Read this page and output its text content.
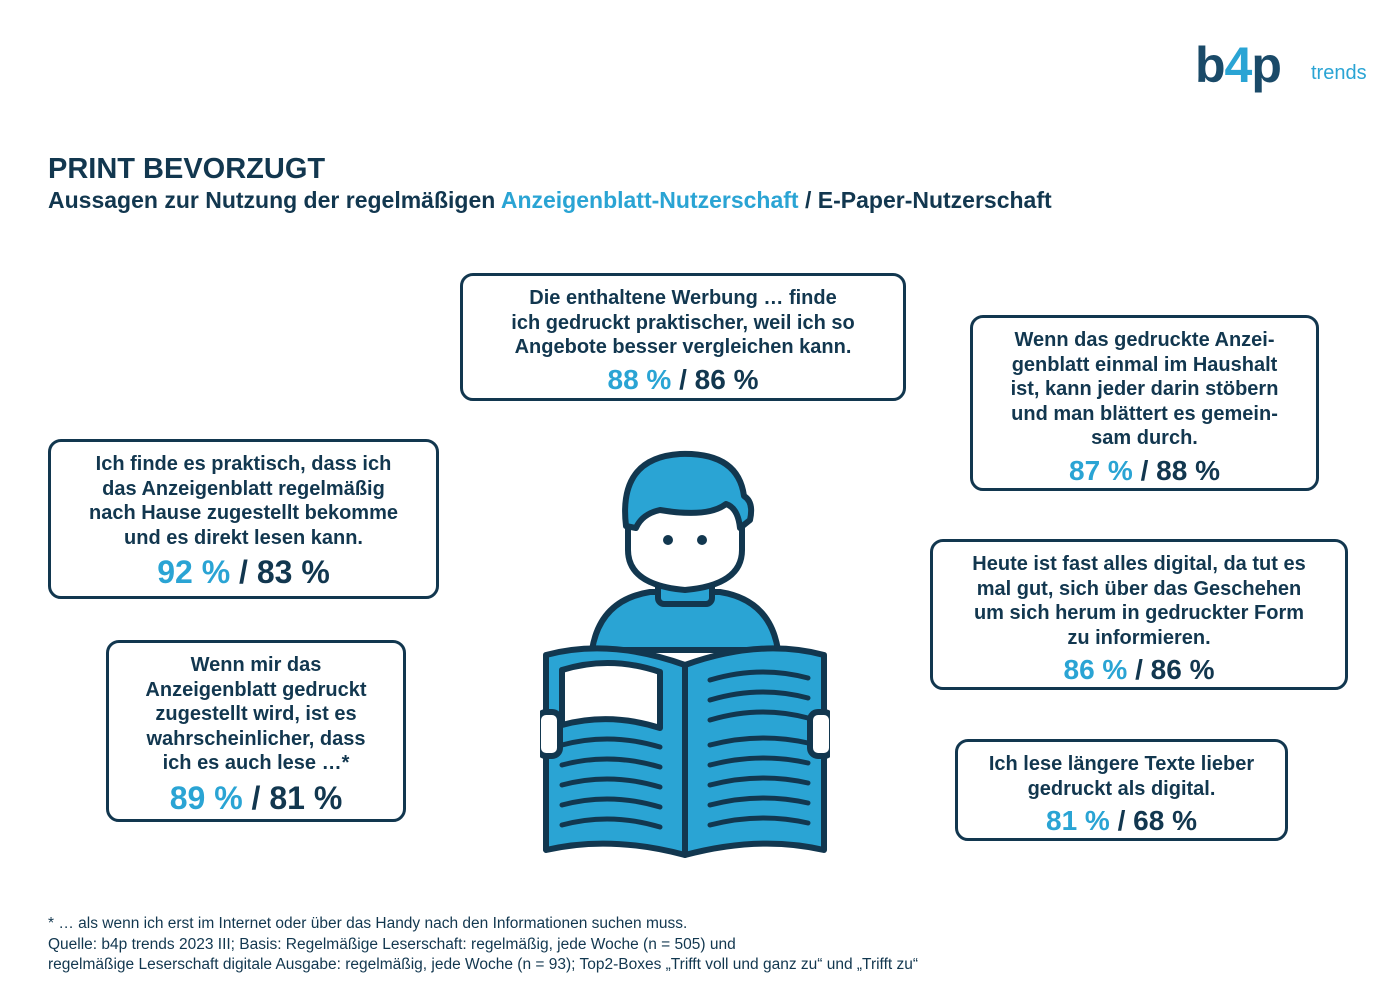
b4p trends
PRINT BEVORZUGT
Aussagen zur Nutzung der regelmäßigen Anzeigenblatt-Nutzerschaft / E-Paper-Nutzerschaft
Die enthaltene Werbung … finde
ich gedruckt praktischer, weil ich so
Angebote besser vergleichen kann.
88 % / 86 %
Wenn das gedruckte Anzei-
genblatt einmal im Haushalt
ist, kann jeder darin stöbern
und man blättert es gemein-
sam durch.
87 % / 88 %
Ich finde es praktisch, dass ich
das Anzeigenblatt regelmäßig
nach Hause zugestellt bekomme
und es direkt lesen kann.
92 % / 83 %	Heute ist fast alles digital, da tut es
mal gut, sich über das Geschehen
um sich herum in gedruckter Form
zu informieren.
86 % / 86 %
Wenn mir das
Anzeigenblatt gedruckt
zugestellt wird, ist es
wahrscheinlicher, dass
ich es auch lese …*
89 % / 81 %
Ich lese längere Texte lieber
gedruckt als digital.
81 % / 68 %
* … als wenn ich erst im Internet oder über das Handy nach den Informationen suchen muss.
Quelle: b4p trends 2023 III; Basis: Regelmäßige Leserschaft: regelmäßig, jede Woche (n = 505) und
regelmäßige Leserschaft digitale Ausgabe: regelmäßig, jede Woche (n = 93); Top2-Boxes „Trifft voll und ganz zu“ und „Trifft zu“
